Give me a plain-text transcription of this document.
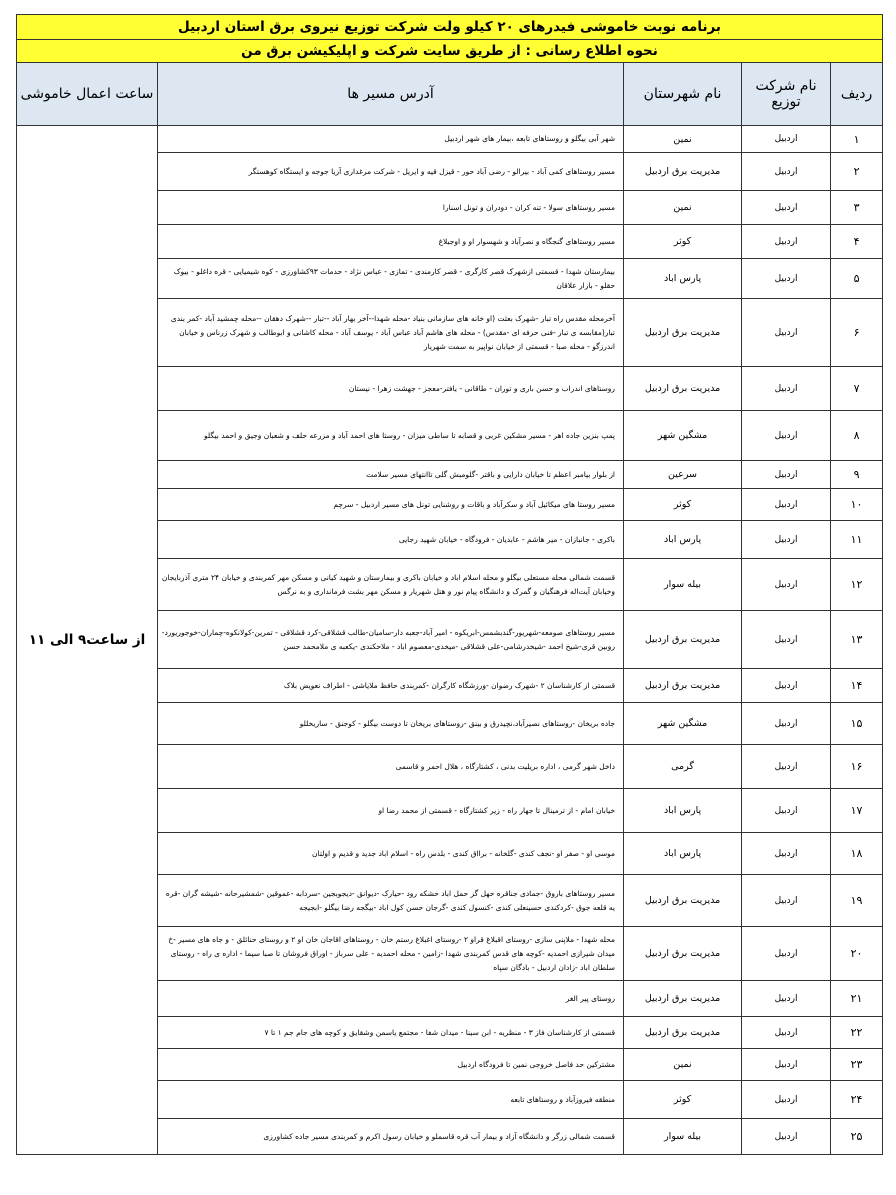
برنامه نوبت خاموشی فیدرهای ۲۰ کیلو ولت شرکت توزیع نیروی برق استان اردبیل				
نحوه اطلاع رسانی : از طریق سایت شرکت و اپلیکیشن برق من				
ردیف	نام شرکت توزیع	نام شهرستان	آدرس مسیر ها	ساعت اعمال خاموشی
۱	اردبیل	نمین	شهر آبی بیگلو و روستاهای تابعه ،بیمار های شهر اردبیل	از ساعت۹ الی ۱۱
۲	اردبیل	مدیریت برق اردبیل	مسیر روستاهای کمی آباد - بیرالو - رضی آباد حور - قیزل قیه و ایریل - شرکت مرغداری آریا جوجه و ایستگاه کوهستگر	
۳	اردبیل	نمین	مسیر روستاهای سولا - تنه کران - دودران و تونل اسنارا	
۴	اردبیل	کوثر	مسیر روستاهای گنجگاه و نصرآباد و شهسوار او و اوجبلاغ	
۵	اردبیل	پارس اباد	بیمارستان شهدا - قسمتی ازشهرک قصر کارگری - قصر کارمندی - تمازی - عباس نژاد - حدمات ۹۳کشاورزی - کوه شیمیایی - قره داغلو - بیوک حقلو - بازار علاقان	
۶	اردبیل	مدیریت برق اردبیل	آخرمحله مقدس راه تبار -شهرک بعثت (او خانه های سازمانی بنیاد -محله شهدا--آخر بهار آباد --تبار --شهرک دهقان --محله چمشید آباد -کمر بندی تبار(مقابسه ی تبار -فنی حرفه ای -مقدس) - محله های هاشم آباد عباس آباد - یوسف آباد - محله کاشانی و ابوطالب و شهرک زرناس و خیابان اندرزگو - محله صبا - قسمتی از خیابان نواپیر به سمت شهریار	
۷	اردبیل	مدیریت برق اردبیل	روستاهای اندراب و حسن باری و توران - طاقانی - یافتر-معجز - جهشت زهرا - نیستان	
۸	اردبیل	مشگین شهر	پمپ بنزین جاده اهر - مسیر مشکین غربی و قصابه تا ساطی میزان - روستا های احمد آباد و مزرعه حلف و شعبان وجیق و احمد بیگلو	
۹	اردبیل	سرعین	از بلوار بیامبر اعظم تا خیابان دارایی و باقتر -گلومبش گلی تاانتهای مسیر سلامت	
۱۰	اردبیل	کوثر	مسیر روستا های میکائیل آباد و سکرآباد و باقات و روشنایی تونل های مسیر اردبیل - سرچم	
۱۱	اردبیل	پارس اباد	باکری - جانبازان - میر هاشم - عابدیان - فرودگاه - خیابان شهید رجایی	
۱۲	اردبیل	بیله سوار	قسمت شمالی محله مستعلی بیگلو و محله اسلام اباد و خیابان باکری و بیمارستان و شهید کیانی و مسکن مهر کمربندی و خیابان ۲۴ متری آذربایجان وخیابان آیت‌اله فرهنگیان و گمرک و دانشگاه پیام نور و هتل شهریار و مسکن مهر بشت فرمانداری و به نرگس	
۱۳	اردبیل	مدیریت برق اردبیل	مسیر روستاهای صومعه-شهریور-گندبشمس-ابریکوه - امیر آباد-جعبه دار-سامیان-طالب قشلاقی-کرد قشلاقی - تمرین-کولانکوه-چماران-خوجوریورد-روبین قری-شیخ احمد -شیخدرشامی-علی قشلاقی -میخدی-معصوم اباد - ملاحکندی -یکعبه ی ملامحمد حسن	
۱۴	اردبیل	مدیریت برق اردبیل	قسمتی از کارشناسان ۲ -شهرک رضوان -ورزشگاه کارگران -کمربندی حافظ ملایاشی - اطراف نعویض بلاک	
۱۵	اردبیل	مشگین شهر	جاده بریخان -روستاهای نصیرآباد،نچیدرق و بینق -روستاهای بریخان تا دوست بیگلو - کوجنق - ساریخللو	
۱۶	اردبیل	گرمی	داخل شهر گرمی ، اداره بریلیت بدنی ، کشتارگاه ، هلال احمر و قاسمی	
۱۷	اردبیل	پارس اباد	خیابان امام - از ترمینال تا جهار راه - زیر کشتارگاه - قسمتی از محمد رضا او	
۱۸	اردبیل	پارس اباد	موسی او - صفر او -نجف کندی -گلخانه - برااق کندی - بلدس راه - اسلام اباد جدید و قدیم و اولتان	
۱۹	اردبیل	مدیریت برق اردبیل	مسیر روستاهای باروق -جمادی جناقره حهل گز حمل اباد حشکه رود -حیارک -دیوانق -دیجوبجین -سردابه -عموقین -شمشیرحانه -شیشه گران -قره یه قلعه جوق -کردکندی حسینعلی کندی -کنسول کندی -گرجان حسن کول اباد -بیگجه رضا بیگلو -ابجیجه	
۲۰	اردبیل	مدیریت برق اردبیل	محله شهدا - ملاپنی سازی -روستای اقبلاغ قراو ۲ -روستای اغبلاغ رستم خان - روستاهای اقاجان خان او ۲ و روستای حنائلق - و جاه های مسیر -خ میدان شیرازی احمدیه -کوچه های قدس کمربندی شهدا -زامین - محله احمدیه - علی سرباز - اوراق فروشان تا صبا سیما - اداره ی راه - روستای سلطان اباد -زادان اردبیل - بادگان سپاه	
۲۱	اردبیل	مدیریت برق اردبیل	روستای پیر الغر	
۲۲	اردبیل	مدیریت برق اردبیل	قسمتی از کارشناسان فاز ۳ - منظریه - ابن سینا - میدان شفا - مجتمع یاسمن وشقایق و کوچه های جام جم ۱ تا ۷	
۲۳	اردبیل	نمین	مشترکین حد فاصل خروجی نمین تا فرودگاه اردبیل	
۲۴	اردبیل	کوثر	منطقه فیروزآباد و روستاهای تابعه	
۲۵	اردبیل	بیله سوار	قسمت شمالی زرگر و دانشگاه آزاد و بیمار آب قره قاسملو و خیابان رسول اکرم و کمربندی مسیر جاده کشاورزی	
